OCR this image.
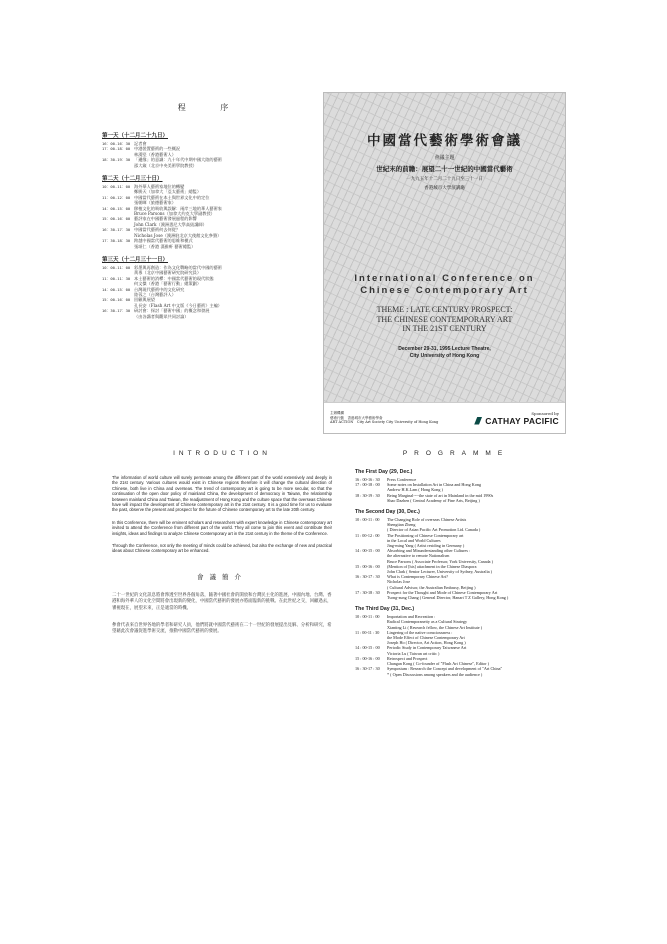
程 序
第一天（十二月二十九日）
16：00-16：30 記者會
17：00-18：00 中港裝置藝術的一些概況
林漢堅（香港藝術人）
18：30-19：30 「邊緣」的意識：九十年代中期中國大陸的藝術
邵大箴（北京中央美術學院教授）
第二天（十二月三十日）
10：00-11：00 海外華人藝術家地位的轉變
鄭勝天（加拿大「亞太藝術」總監）
11：00-12：00 中國當代藝術在本土與世界文化中的定位
張朝暉（旅德藝術家）
14：00-15：00 移植文化的吸收與誤解：兩岸三地的華人藝術家
Bruce Parsons（加拿大約克大學副教授）
15：00-16：00 藝評家在中國藝術發展過程的影響
John Clark（澳洲悉尼大學高級講師）
16：30-17：30 中國當代藝術何去何從？
Nicholas Jose（澳洲駐北京大使館文化參贊）
17：30-18：30 跨越中國當代藝術的思維和模式
張頌仁（香港 漢雅軒 藝術總監）
第三天（十二月三十一日）
10：00-11：00 彩墨與再創造：作為文化戰略的當代中國的藝術
黃專（北京中國藝術研究院研究員）
11：00-11：30 本土藝術的消釋：中國當代藝術的現代狀態
何文傑（香港「藝術行動」總策劃）
14：00-15：00 台灣現代藝術中的文化研究
陸蓉之（台灣藝評人）
15：00-16：00 回顧與展望
孔長安（Flash Art 中文版《今日藝術》主編）
16：30-17：30 研討會：探討「藝術中國」的概念和發展
（由各講者與觀眾共同討論）
中國當代藝術學術會議
會議主題
世紀末的前瞻：展望二十一世紀的中國當代藝術
一九九五年十二月二十九日至三十一日
香港城市大學演講廳
International Conference on
Chinese Contemporary Art
THEME : LATE CENTURY PROSPECT:
THE CHINESE CONTEMPORARY ART
IN THE 21ST CENTURY
December 29-31, 1995 Lecture Theatre,
City University of Hong Kong
主辦機構
藝術行動　香港城市大學藝術學會
ART ACTION　City Art Society City University of Hong Kong
Sponsored by
CATHAY PACIFIC
INTRODUCTION

The information of world culture will surely permeate among the different part of the world extensively and deeply in the 21st century. Various cultures would exist in Chinese regions therefore it will change the cultural direction of Chinese, both live in China and overseas. The trend of contemporary art is going to be more secular, so that the continuation of the open door policy of mainland China, the development of democracy in Taiwan, the relationship between mainland China and Taiwan, the readjustment of Hong Kong and the culture space that the overseas Chinese have will impact the development of Chinese contemporary art in the 21st century. It is a good time for us to evaluate the past, observe the present and prospect for the future of Chinese contemporary art to the late 20th century.

In this Conference, there will be eminent scholars and researchers with expert knowledge in Chinese contemporary art invited to attend the Conference from different part of the world. They all come to join this event and contribute their insights, ideas and findings to analyze Chinese Contemporary art in the 21st century in the theme of the Conference.

Through the Conference, not only the meeting of minds could be achieved, but also the exchange of new and practical ideas about Chinese contemporary art be enhanced.

會議簡介

二十一世紀的文化訊息將會滲透至世界各個角落，隨著中國社會的開放和台灣民主化的進展，中國內地、台灣、香港和海外華人的文化空間將會出現新的變化，中國當代藝術的發展亦將面臨新的挑戰。在此世紀之交，回顧過去，審視現在，展望未來，正是適當的時機。

參會代表來自世界各地的學者和研究人員，他們將就中國當代藝術在二十一世紀的發展提出見解、分析和研究，希望藉此次會議促進學術交流，推動中國當代藝術的發展。

PROGRAMME
The First Day (29, Dec.)
16 : 00-16 : 30	Press Conference
17 : 00-18 : 00	Some notes on Installation Art in China and Hong Kong
Andrew H.K.Lam ( Hong Kong )
18 : 30-19 : 30	Being Marginal----the state of art in Mainland in the mid 1990s
Shao Dazhen ( Central Academy of Fine Arts, Beijing )
The Second Day (30, Dec.)
10 : 00-11 : 00	The Changing Role of overseas Chinese Artists
Shengtian Zheng
( Director of Asian Pacific Art Promotion Ltd. Canada )
11 : 00-12 : 00	The Positioning of Chinese Contemporary art
in the Local and World Cultures
Jing-ming Yang ( Artist residing in Germany )
14 : 00-15 : 00	Absorbing and Misunderstanding other Cultures :
the alternative to remote Nationalism
Bruce Parsons ( Associate Professor, York University, Canada )
15 : 00-16 : 00	(Mention of [his] attachment in the Chinese Diaspora
John Clark ( Senior Lecturer, University of Sydney, Australia )
16 : 30-17 : 30	What is Contemporary Chinese Art?
Nicholas Jose
( Cultural Advisor, the Australian Embassy, Beijing )
17 : 30-18 : 30	Prospect for the Thought and Mode of Chinese Contemporary Art
Tsong-zung Chang ( General Director, Hanart T Z Gallery, Hong Kong )
The Third Day (31, Dec.)
10 : 00-11 : 00	Importation and Recreation :
Radical Contemporaneity as a Cultural Strategy
Xianting Li ( Research fellow, the Chinese Art Institute )
11 : 00-11 : 30	Lingering of the native consciousness :
the Mode Effect of Chinese Contemporary Art
Joseph Ho ( Director, Art Action, Hong Kong )
14 : 00-15 : 00	Periodic Study in Contemporary Taiwanese Art
Victoria Lu ( Taiwan art critic )
15 : 00-16 : 00	Retrospect and Prospect
Changan Kong ( Co-founder of "Flash Art Chinese", Editor )
16 : 30-17 : 30	Symposium : Research the Concept and development of "Art China"
* ( Open Discussions among speakers and the audience )
